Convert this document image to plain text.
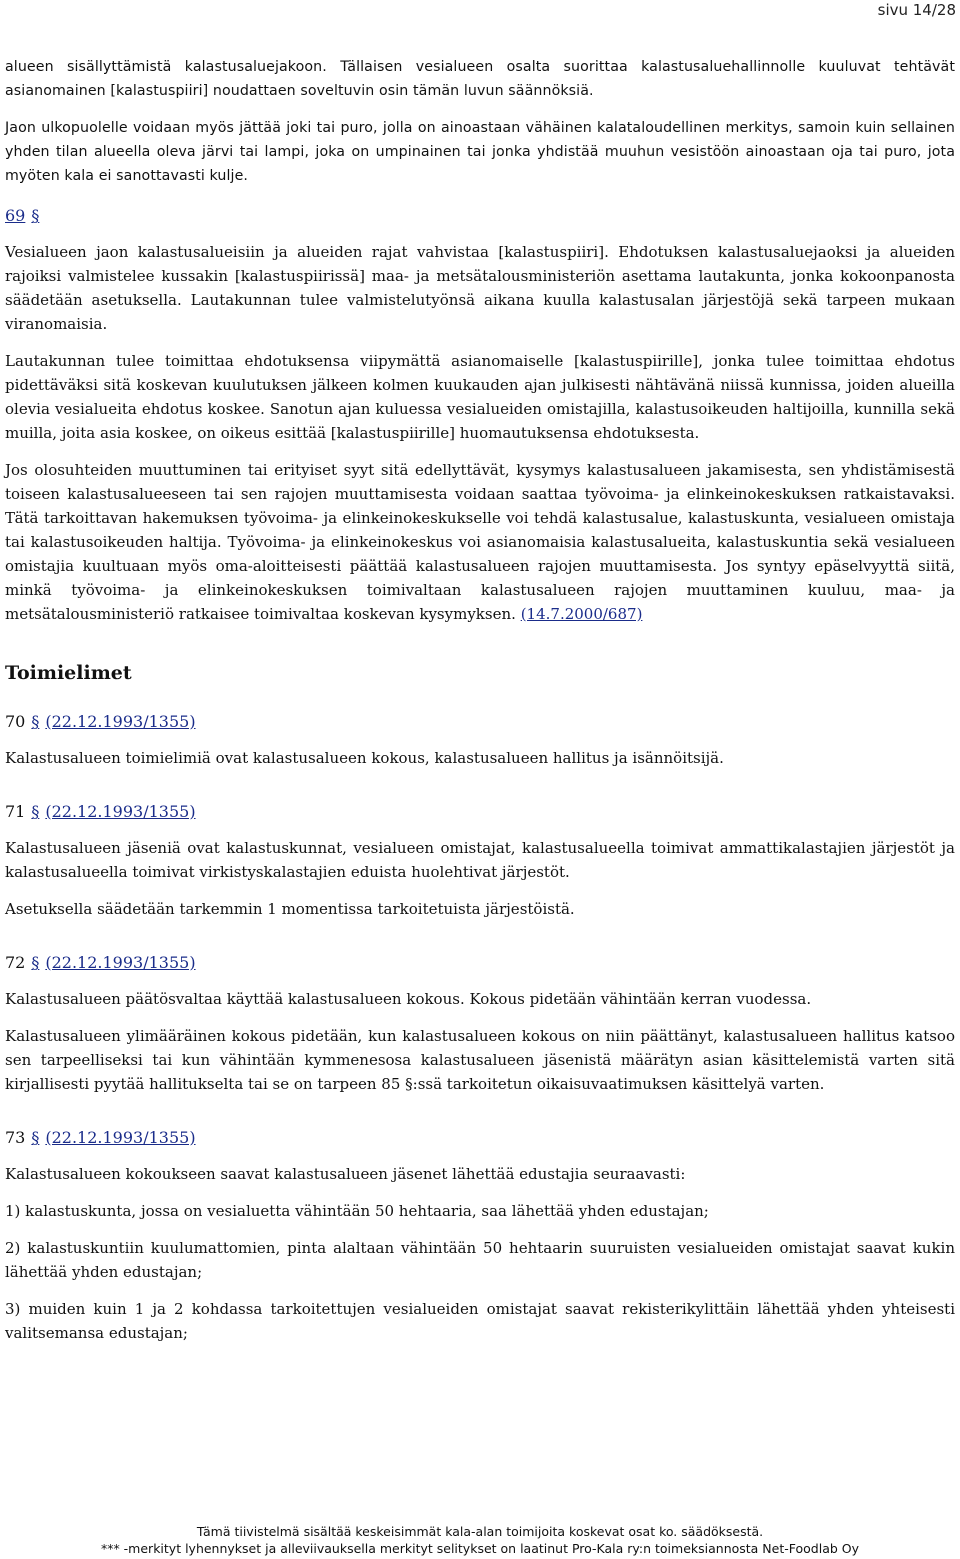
sivu 14/28

alueen sisällyttämistä kalastusaluejakoon. Tällaisen vesialueen osalta suorittaa kalastusaluehallinnolle kuuluvat tehtävät asianomainen [kalastuspiiri] noudattaen soveltuvin osin tämän luvun säännöksiä.

Jaon ulkopuolelle voidaan myös jättää joki tai puro, jolla on ainoastaan vähäinen kalataloudellinen merkitys, samoin kuin sellainen yhden tilan alueella oleva järvi tai lampi, joka on umpinainen tai jonka yhdistää muuhun vesistöön ainoastaan oja tai puro, jota myöten kala ei sanottavasti kulje.

69 §

Vesialueen jaon kalastusalueisiin ja alueiden rajat vahvistaa [kalastuspiiri]. Ehdotuksen kalastusaluejaoksi ja alueiden rajoiksi valmistelee kussakin [kalastuspiirissä] maa- ja metsätalousministeriön asettama lautakunta, jonka kokoonpanosta säädetään asetuksella. Lautakunnan tulee valmistelutyönsä aikana kuulla kalastusalan järjestöjä sekä tarpeen mukaan viranomaisia.

Lautakunnan tulee toimittaa ehdotuksensa viipymättä asianomaiselle [kalastuspiirille], jonka tulee toimittaa ehdotus pidettäväksi sitä koskevan kuulutuksen jälkeen kolmen kuukauden ajan julkisesti nähtävänä niissä kunnissa, joiden alueilla olevia vesialueita ehdotus koskee. Sanotun ajan kuluessa vesialueiden omistajilla, kalastusoikeuden haltijoilla, kunnilla sekä muilla, joita asia koskee, on oikeus esittää [kalastuspiirille] huomautuksensa ehdotuksesta.

Jos olosuhteiden muuttuminen tai erityiset syyt sitä edellyttävät, kysymys kalastusalueen jakamisesta, sen yhdistämisestä toiseen kalastusalueeseen tai sen rajojen muuttamisesta voidaan saattaa työvoima- ja elinkeinokeskuksen ratkaistavaksi. Tätä tarkoittavan hakemuksen työvoima- ja elinkeinokeskukselle voi tehdä kalastusalue, kalastuskunta, vesialueen omistaja tai kalastusoikeuden haltija. Työvoima- ja elinkeinokeskus voi asianomaisia kalastusalueita, kalastuskuntia sekä vesialueen omistajia kuultuaan myös oma-aloitteisesti päättää kalastusalueen rajojen muuttamisesta. Jos syntyy epäselvyyttä siitä, minkä työvoima- ja elinkeinokeskuksen toimivaltaan kalastusalueen rajojen muuttaminen kuuluu, maa- ja metsätalousministeriö ratkaisee toimivaltaa koskevan kysymyksen. (14.7.2000/687)

Toimielimet
70 § (22.12.1993/1355)

Kalastusalueen toimielimiä ovat kalastusalueen kokous, kalastusalueen hallitus ja isännöitsijä.

71 § (22.12.1993/1355)

Kalastusalueen jäseniä ovat kalastuskunnat, vesialueen omistajat, kalastusalueella toimivat ammattikalastajien järjestöt ja kalastusalueella toimivat virkistyskalastajien eduista huolehtivat järjestöt.

Asetuksella säädetään tarkemmin 1 momentissa tarkoitetuista järjestöistä.

72 § (22.12.1993/1355)

Kalastusalueen päätösvaltaa käyttää kalastusalueen kokous. Kokous pidetään vähintään kerran vuodessa.

Kalastusalueen ylimääräinen kokous pidetään, kun kalastusalueen kokous on niin päättänyt, kalastusalueen hallitus katsoo sen tarpeelliseksi tai kun vähintään kymmenesosa kalastusalueen jäsenistä määrätyn asian käsittelemistä varten sitä kirjallisesti pyytää hallitukselta tai se on tarpeen 85 §:ssä tarkoitetun oikaisuvaatimuksen käsittelyä varten.

73 § (22.12.1993/1355)

Kalastusalueen kokoukseen saavat kalastusalueen jäsenet lähettää edustajia seuraavasti:

1) kalastuskunta, jossa on vesialuetta vähintään 50 hehtaaria, saa lähettää yhden edustajan;

2) kalastuskuntiin kuulumattomien, pinta alaltaan vähintään 50 hehtaarin suuruisten vesialueiden omistajat saavat kukin lähettää yhden edustajan;

3) muiden kuin 1 ja 2 kohdassa tarkoitettujen vesialueiden omistajat saavat rekisterikylittäin lähettää yhden yhteisesti valitsemansa edustajan;

Tämä tiivistelmä sisältää keskeisimmät kala-alan toimijoita koskevat osat ko. säädöksestä.
*** -merkityt lyhennykset ja alleviivauksella merkityt selitykset on laatinut Pro-Kala ry:n toimeksiannosta Net-Foodlab Oy
